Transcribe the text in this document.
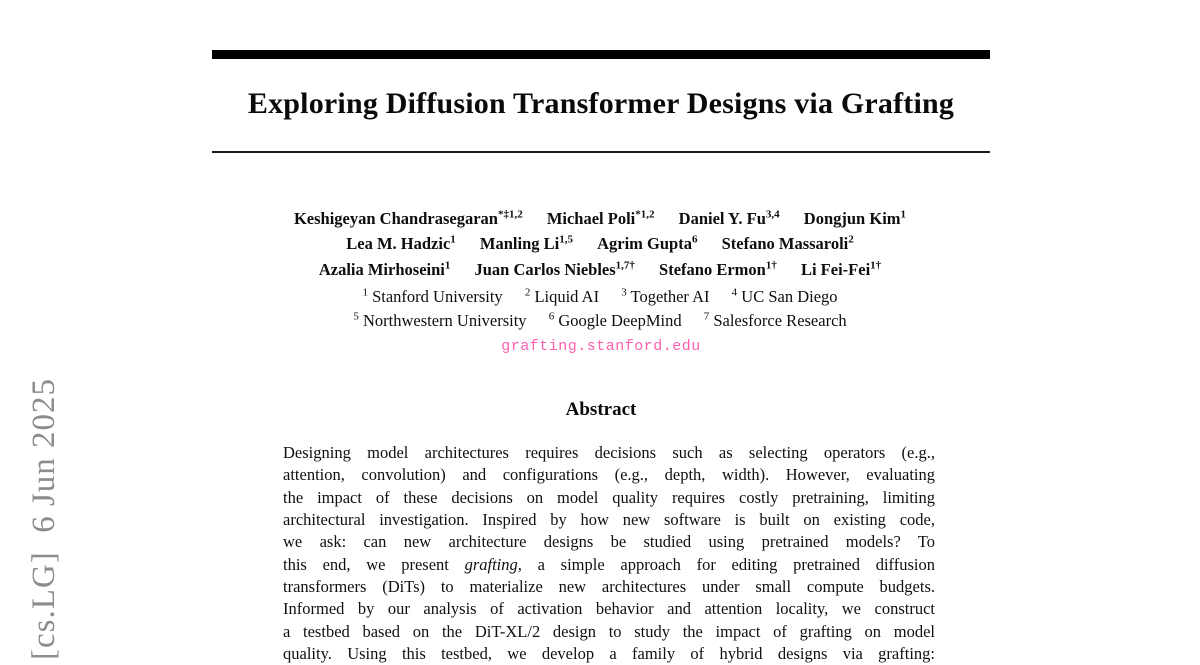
Exploring Diffusion Transformer Designs via Grafting
Keshigeyan Chandrasegaran$^{*\ddagger 1,2}$ Michael Poli$^{*1,2}$ Daniel Y. Fu$^{3,4}$ Dongjun Kim$^1$
Lea M. Hadzic$^1$ Manling Li$^{1,5}$ Agrim Gupta$^6$ Stefano Massaroli$^2$
Azalia Mirhoseini$^1$ Juan Carlos Niebles$^{1,7\dagger}$ Stefano Ermon$^{1\dagger}$ Li Fei-Fei$^{1\dagger}$
$^1$ Stanford University $^2$ Liquid AI $^3$ Together AI $^4$ UC San Diego
$^5$ Northwestern University $^6$ Google DeepMind $^7$ Salesforce Research
grafting.stanford.edu
Abstract
Designing model architectures requires decisions such as selecting operators (e.g.,
attention, convolution) and configurations (e.g., depth, width). However, evaluating
the impact of these decisions on model quality requires costly pretraining, limiting
architectural investigation. Inspired by how new software is built on existing code,
we ask: can new architecture designs be studied using pretrained models? To
this end, we present grafting, a simple approach for editing pretrained diffusion
transformers (DiTs) to materialize new architectures under small compute budgets.
Informed by our analysis of activation behavior and attention locality, we construct
a testbed based on the DiT-XL/2 design to study the impact of grafting on model
quality. Using this testbed, we develop a family of hybrid designs via grafting:
[cs.LG]  6 Jun 2025
